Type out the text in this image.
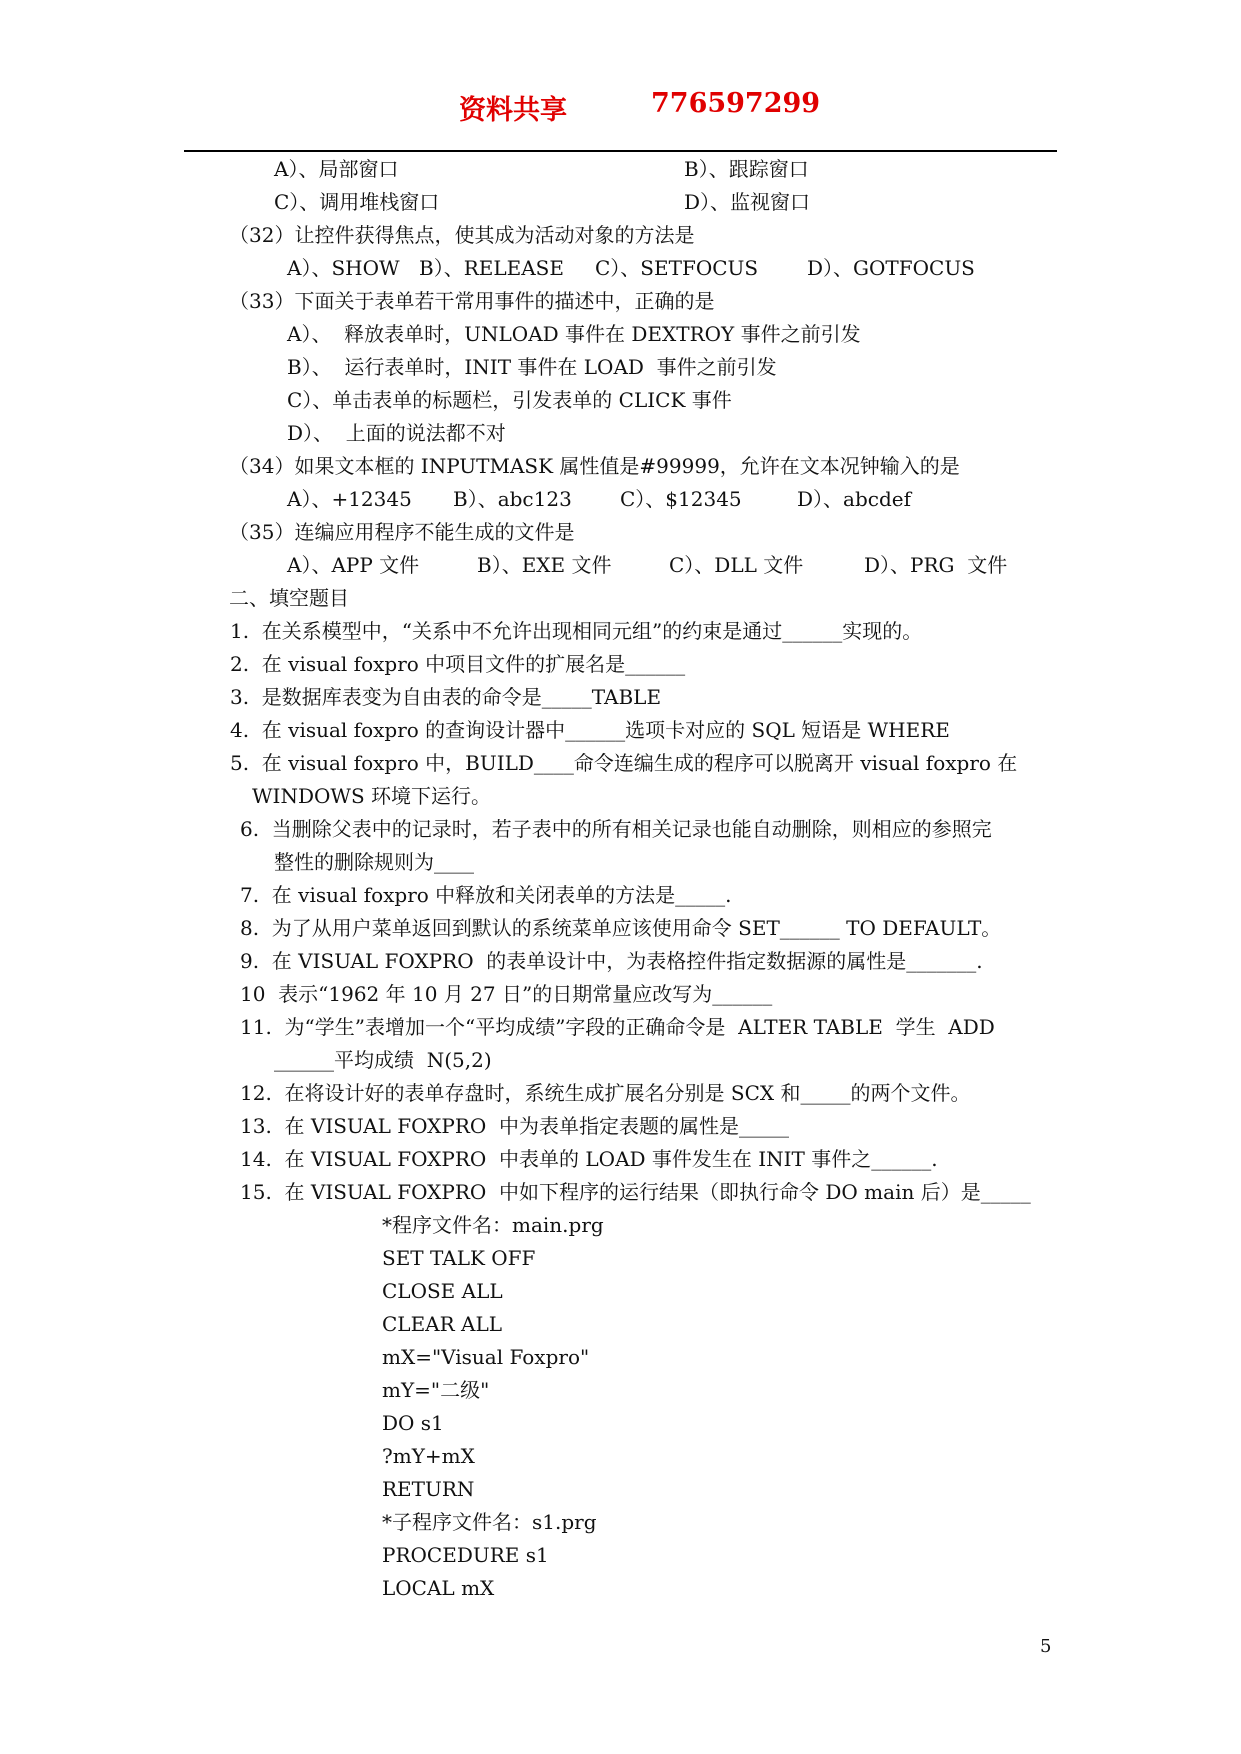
资料共享	776597299
A）、局部窗口	B）、跟踪窗口
C）、调用堆栈窗口	D）、监视窗口
（32）让控件获得焦点，使其成为活动对象的方法是
A）、SHOW B）、RELEASE C）、SETFOCUS D）、GOTFOCUS
（33）下面关于表单若干常用事件的描述中，正确的是
A）、  释放表单时，UNLOAD 事件在 DEXTROY 事件之前引发
B）、  运行表单时，INIT 事件在 LOAD  事件之前引发
C）、单击表单的标题栏，引发表单的 CLICK 事件
D）、  上面的说法都不对
（34）如果文本框的 INPUTMASK 属性值是#99999，允许在文本况钟输入的是
A）、+12345 B）、abc123 C）、$12345	D）、abcdef
（35）连编应用程序不能生成的文件是
A）、APP 文件	B）、EXE 文件	C）、DLL 文件	D）、PRG  文件
二、填空题目
1.  在关系模型中，“关系中不允许出现相同元组”的约束是通过______实现的。
2.  在 visual foxpro 中项目文件的扩展名是______
3.  是数据库表变为自由表的命令是_____TABLE
4.  在 visual foxpro 的查询设计器中______选项卡对应的 SQL 短语是 WHERE
5.  在 visual foxpro 中，BUILD____命令连编生成的程序可以脱离开 visual foxpro 在
WINDOWS 环境下运行。
6.  当删除父表中的记录时，若子表中的所有相关记录也能自动删除，则相应的参照完
整性的删除规则为____
7.  在 visual foxpro 中释放和关闭表单的方法是_____.
8.  为了从用户菜单返回到默认的系统菜单应该使用命令 SET______ TO DEFAULT。
9.  在 VISUAL FOXPRO  的表单设计中，为表格控件指定数据源的属性是_______.
10  表示“1962 年 10 月 27 日”的日期常量应改写为______
11.  为“学生”表增加一个“平均成绩”字段的正确命令是  ALTER TABLE  学生  ADD
______平均成绩  N(5,2)
12.  在将设计好的表单存盘时，系统生成扩展名分别是 SCX 和_____的两个文件。
13.  在 VISUAL FOXPRO  中为表单指定表题的属性是_____
14.  在 VISUAL FOXPRO  中表单的 LOAD 事件发生在 INIT 事件之______.
15.  在 VISUAL FOXPRO  中如下程序的运行结果（即执行命令 DO main 后）是_____
*程序文件名：main.prg
SET TALK OFF
CLOSE ALL
CLEAR ALL
mX="Visual Foxpro"
mY="二级"
DO s1
?mY+mX
RETURN
*子程序文件名：s1.prg
PROCEDURE s1
LOCAL mX
5
